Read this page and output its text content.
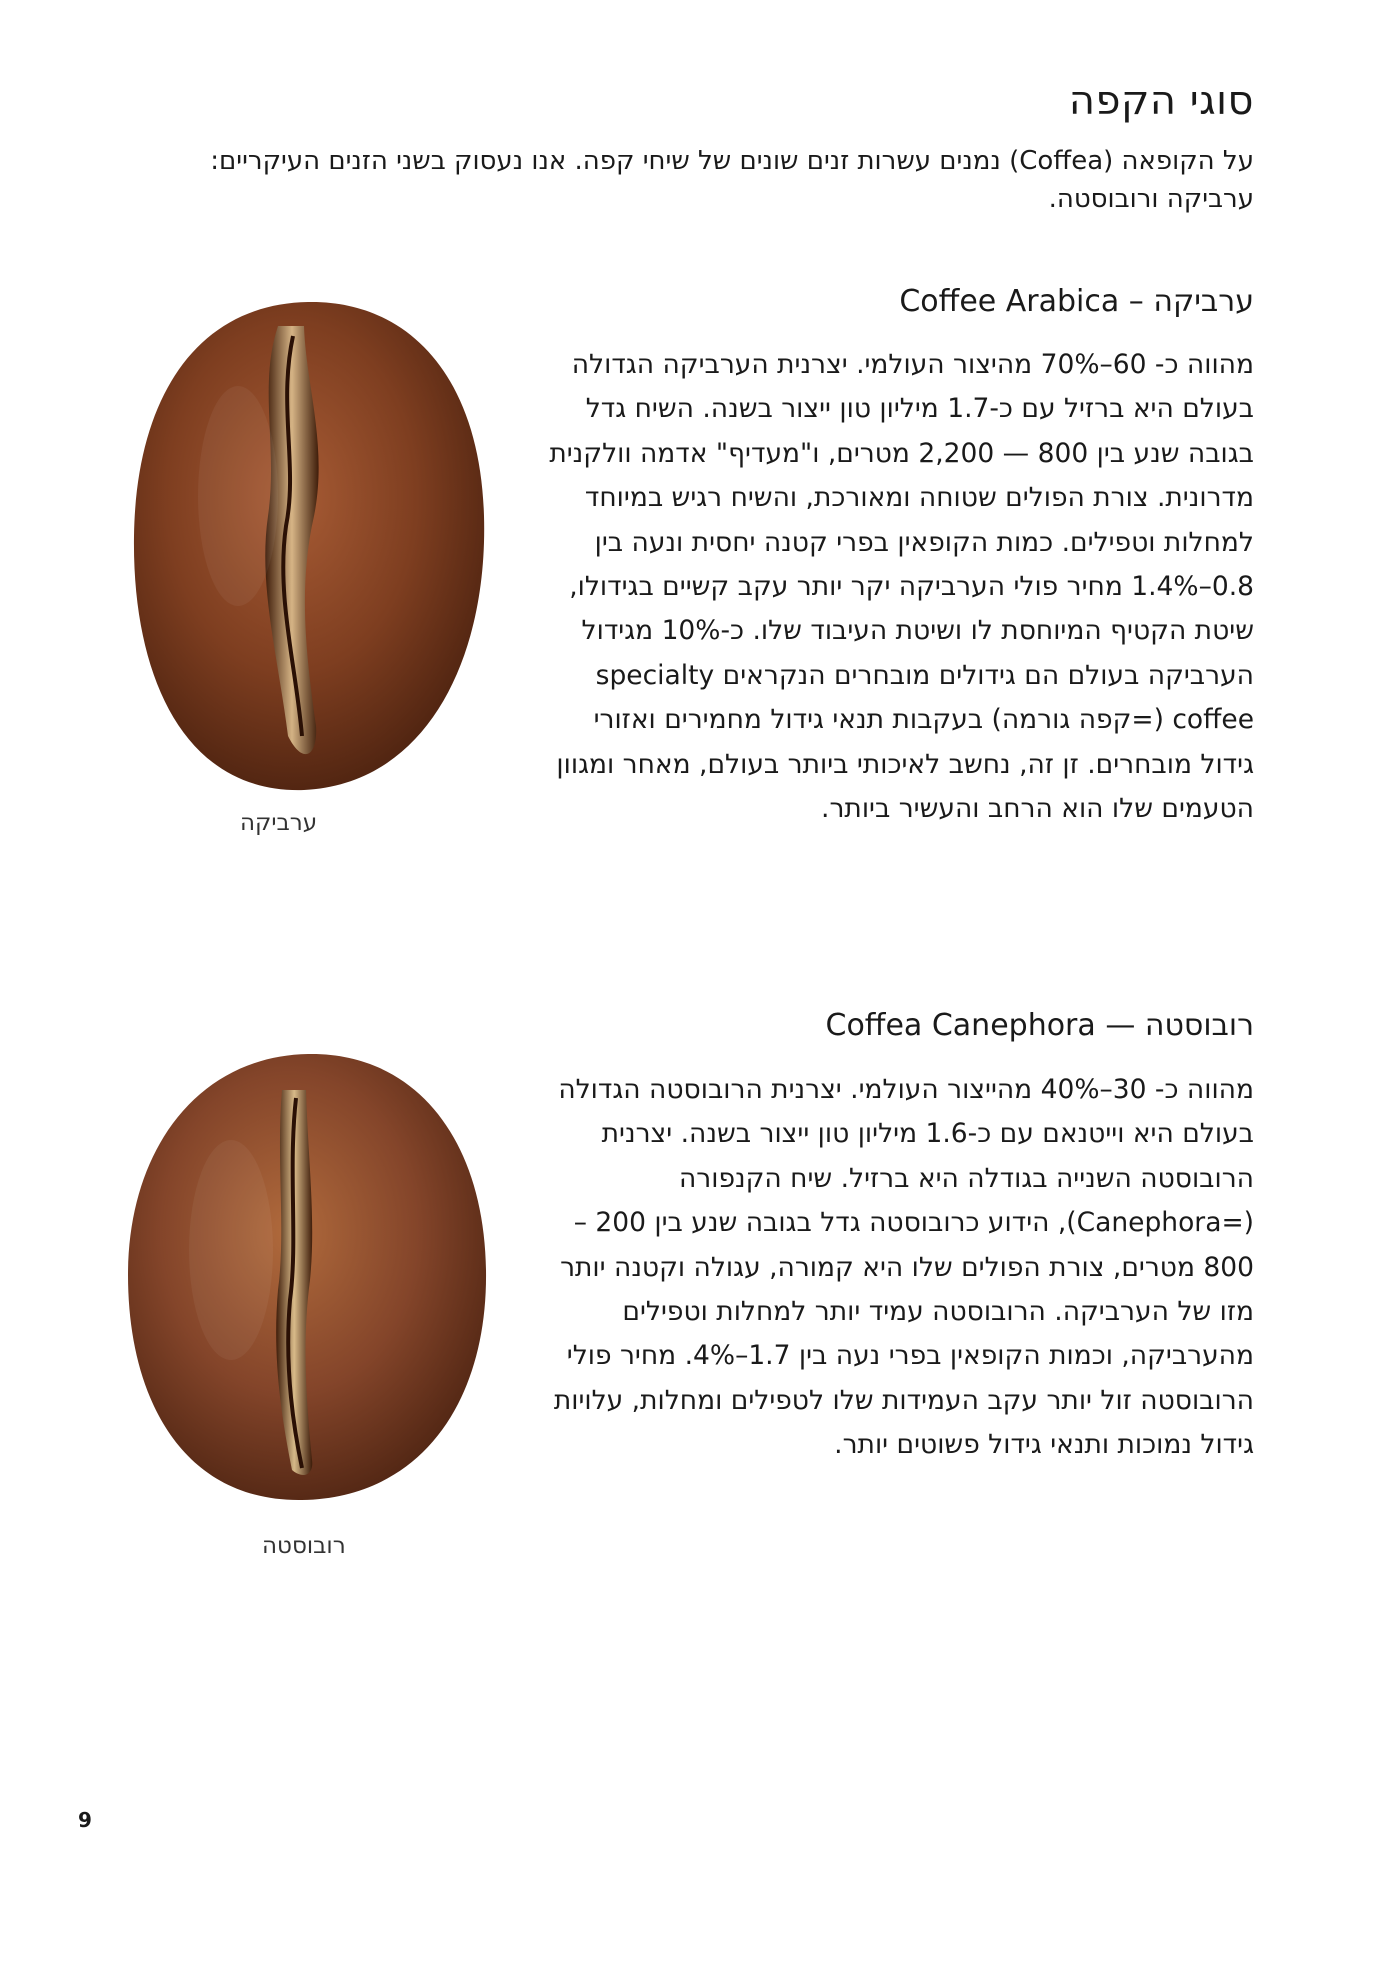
סוגי הקפה

על הקופאה (Coffea) נמנים עשרות זנים שונים של שיחי קפה. אנו נעסוק בשני הזנים העיקריים: ערביקה ורובוסטה.

ערביקה – Coffee Arabica

מהווה כ- 60–70% מהיצור העולמי. יצרנית הערביקה הגדולה בעולם היא ברזיל עם כ-1.7 מיליון טון ייצור בשנה. השיח גדל בגובה שנע בין 800 — 2,200 מטרים, ו"מעדיף" אדמה וולקנית מדרונית. צורת הפולים שטוחה ומאורכת, והשיח רגיש במיוחד למחלות וטפילים. כמות הקופאין בפרי קטנה יחסית ונעה בין 0.8–1.4% מחיר פולי הערביקה יקר יותר עקב קשיים בגידולו, שיטת הקטיף המיוחסת לו ושיטת העיבוד שלו. כ-10% מגידול הערביקה בעולם הם גידולים מובחרים הנקראים specialty coffee (=קפה גורמה) בעקבות תנאי גידול מחמירים ואזורי גידול מובחרים. זן זה, נחשב לאיכותי ביותר בעולם, מאחר ומגוון הטעמים שלו הוא הרחב והעשיר ביותר.

ערביקה

רובוסטה — Coffea Canephora

מהווה כ- 30–40% מהייצור העולמי. יצרנית הרובוסטה הגדולה בעולם היא וייטנאם עם כ-1.6 מיליון טון ייצור בשנה. יצרנית הרובוסטה השנייה בגודלה היא ברזיל. שיח הקנפורה (=Canephora), הידוע כרובוסטה גדל בגובה שנע בין 200 – 800 מטרים, צורת הפולים שלו היא קמורה, עגולה וקטנה יותר מזו של הערביקה. הרובוסטה עמיד יותר למחלות וטפילים מהערביקה, וכמות הקופאין בפרי נעה בין 1.7–4%. מחיר פולי הרובוסטה זול יותר עקב העמידות שלו לטפילים ומחלות, עלויות גידול נמוכות ותנאי גידול פשוטים יותר.

רובוסטה

9
